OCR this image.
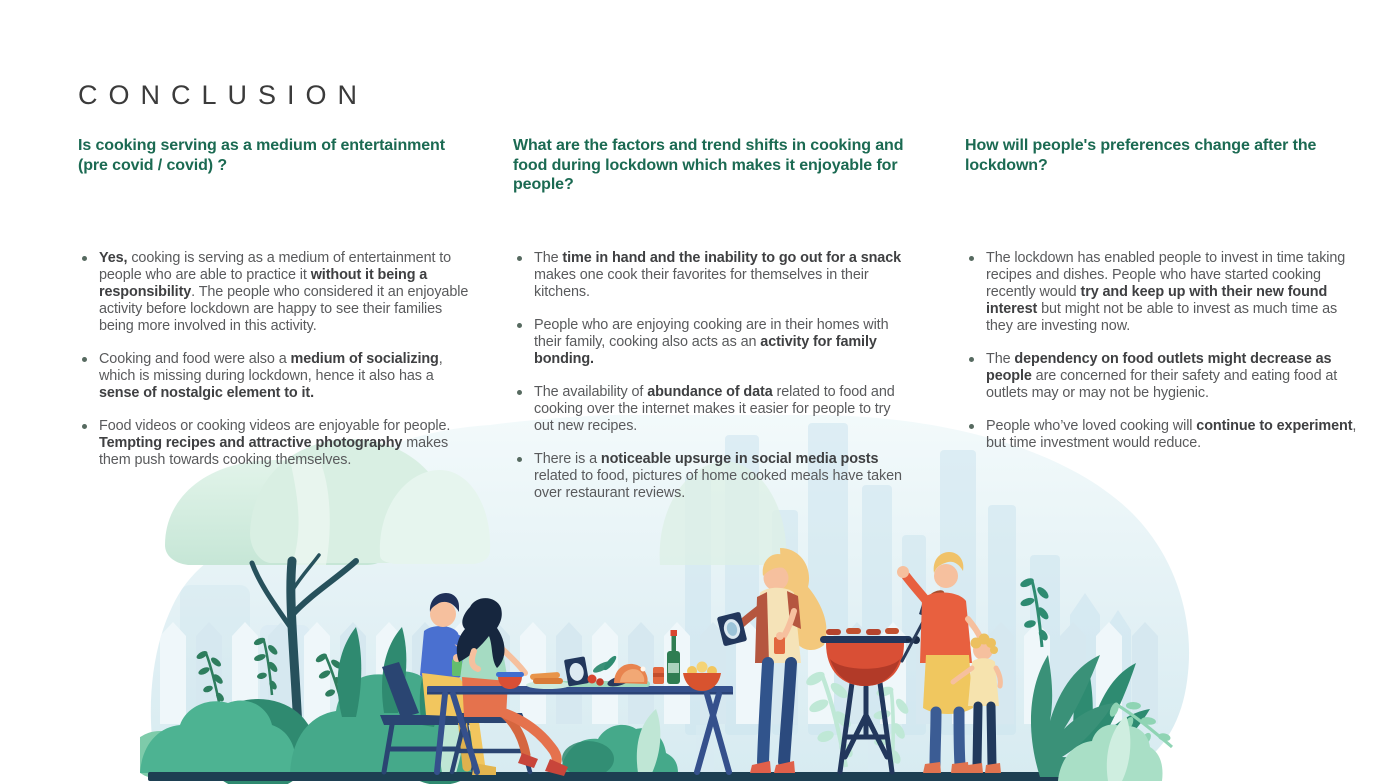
CONCLUSION
Is cooking serving as a medium of entertainment (pre covid / covid) ?
Yes, cooking is serving as a medium of entertainment to people who are able to practice it without it being a responsibility. The people who considered it an enjoyable activity before lockdown are happy to see their families being more involved in this activity.
Cooking and food were also a medium of socializing, which is missing during lockdown, hence it also has a sense of nostalgic element to it.
Food videos or cooking videos are enjoyable for people. Tempting recipes and attractive photography makes them push towards cooking themselves.
What are the factors and trend shifts in cooking and food during lockdown which makes it enjoyable for people?
The time in hand and the inability to go out for a snack makes one cook their favorites for themselves in their kitchens.
People who are enjoying cooking are in their homes with their family, cooking also acts as an activity for family bonding.
The availability of abundance of data related to food and cooking over the internet makes it easier for people to try out new recipes.
There is a noticeable upsurge in social media posts related to food, pictures of home cooked meals have taken over restaurant reviews.
How will people's preferences change after the lockdown?
The lockdown has enabled people to invest in time taking recipes and dishes. People who have started cooking recently would try and keep up with their new found interest but might not be able to invest as much time as they are investing now.
The dependency on food outlets might decrease as people are concerned for their safety and eating food at outlets may or may not be hygienic.
People who’ve loved cooking will continue to experiment, but time investment would reduce.
